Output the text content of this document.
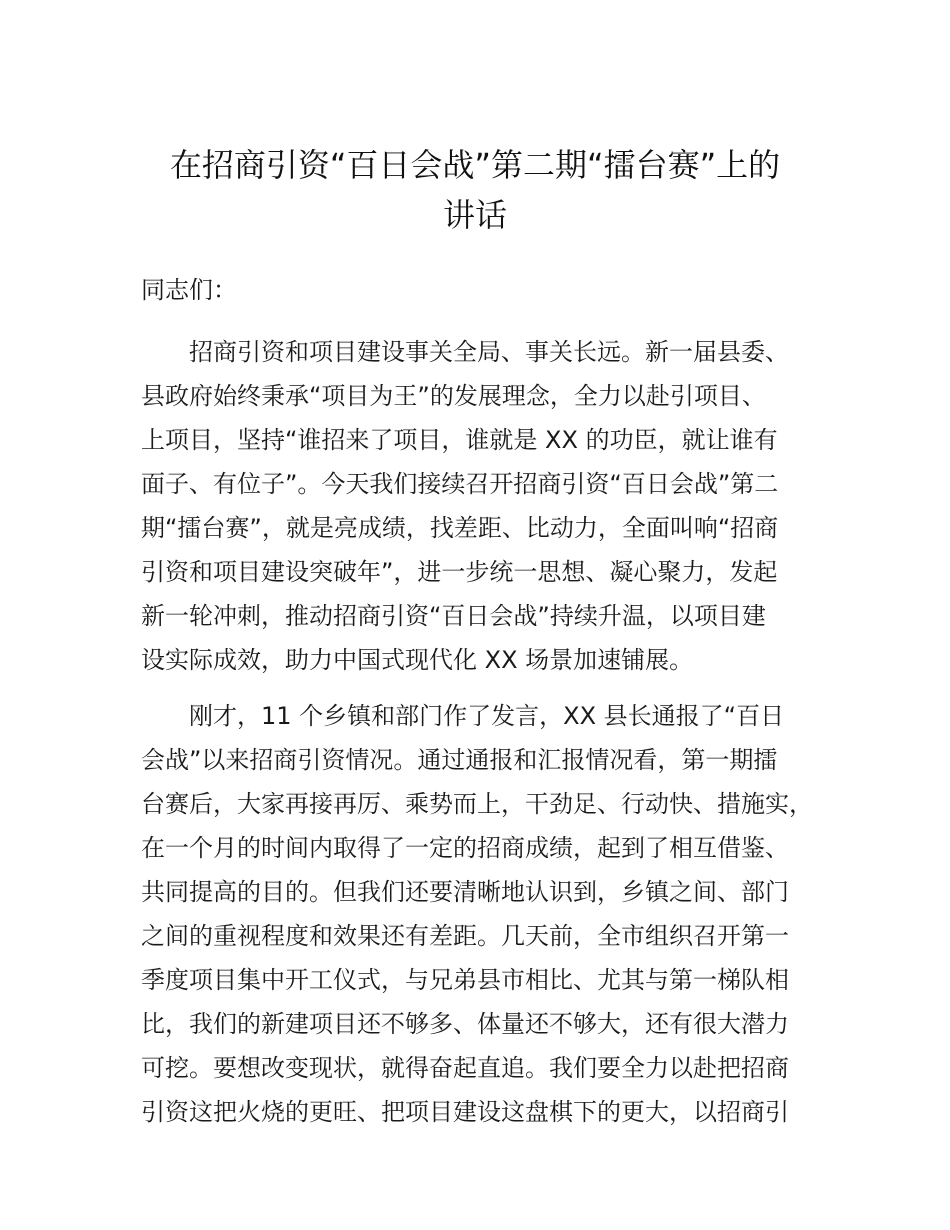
在招商引资“百日会战”第二期“擂台赛”上的
讲话

同志们：

招商引资和项目建设事关全局、事关长远。新一届县委、
县政府始终秉承“项目为王”的发展理念，全力以赴引项目、
上项目，坚持“谁招来了项目，谁就是 XX 的功臣，就让谁有
面子、有位子”。今天我们接续召开招商引资“百日会战”第二
期“擂台赛”，就是亮成绩，找差距、比动力，全面叫响“招商
引资和项目建设突破年”，进一步统一思想、凝心聚力，发起
新一轮冲刺，推动招商引资“百日会战”持续升温，以项目建
设实际成效，助力中国式现代化 XX 场景加速铺展。
刚才，11 个乡镇和部门作了发言，XX 县长通报了“百日
会战”以来招商引资情况。通过通报和汇报情况看，第一期擂
台赛后，大家再接再厉、乘势而上，干劲足、行动快、措施实，
在一个月的时间内取得了一定的招商成绩，起到了相互借鉴、
共同提高的目的。但我们还要清晰地认识到，乡镇之间、部门
之间的重视程度和效果还有差距。几天前，全市组织召开第一
季度项目集中开工仪式，与兄弟县市相比、尤其与第一梯队相
比，我们的新建项目还不够多、体量还不够大，还有很大潜力
可挖。要想改变现状，就得奋起直追。我们要全力以赴把招商
引资这把火烧的更旺、把项目建设这盘棋下的更大，以招商引
